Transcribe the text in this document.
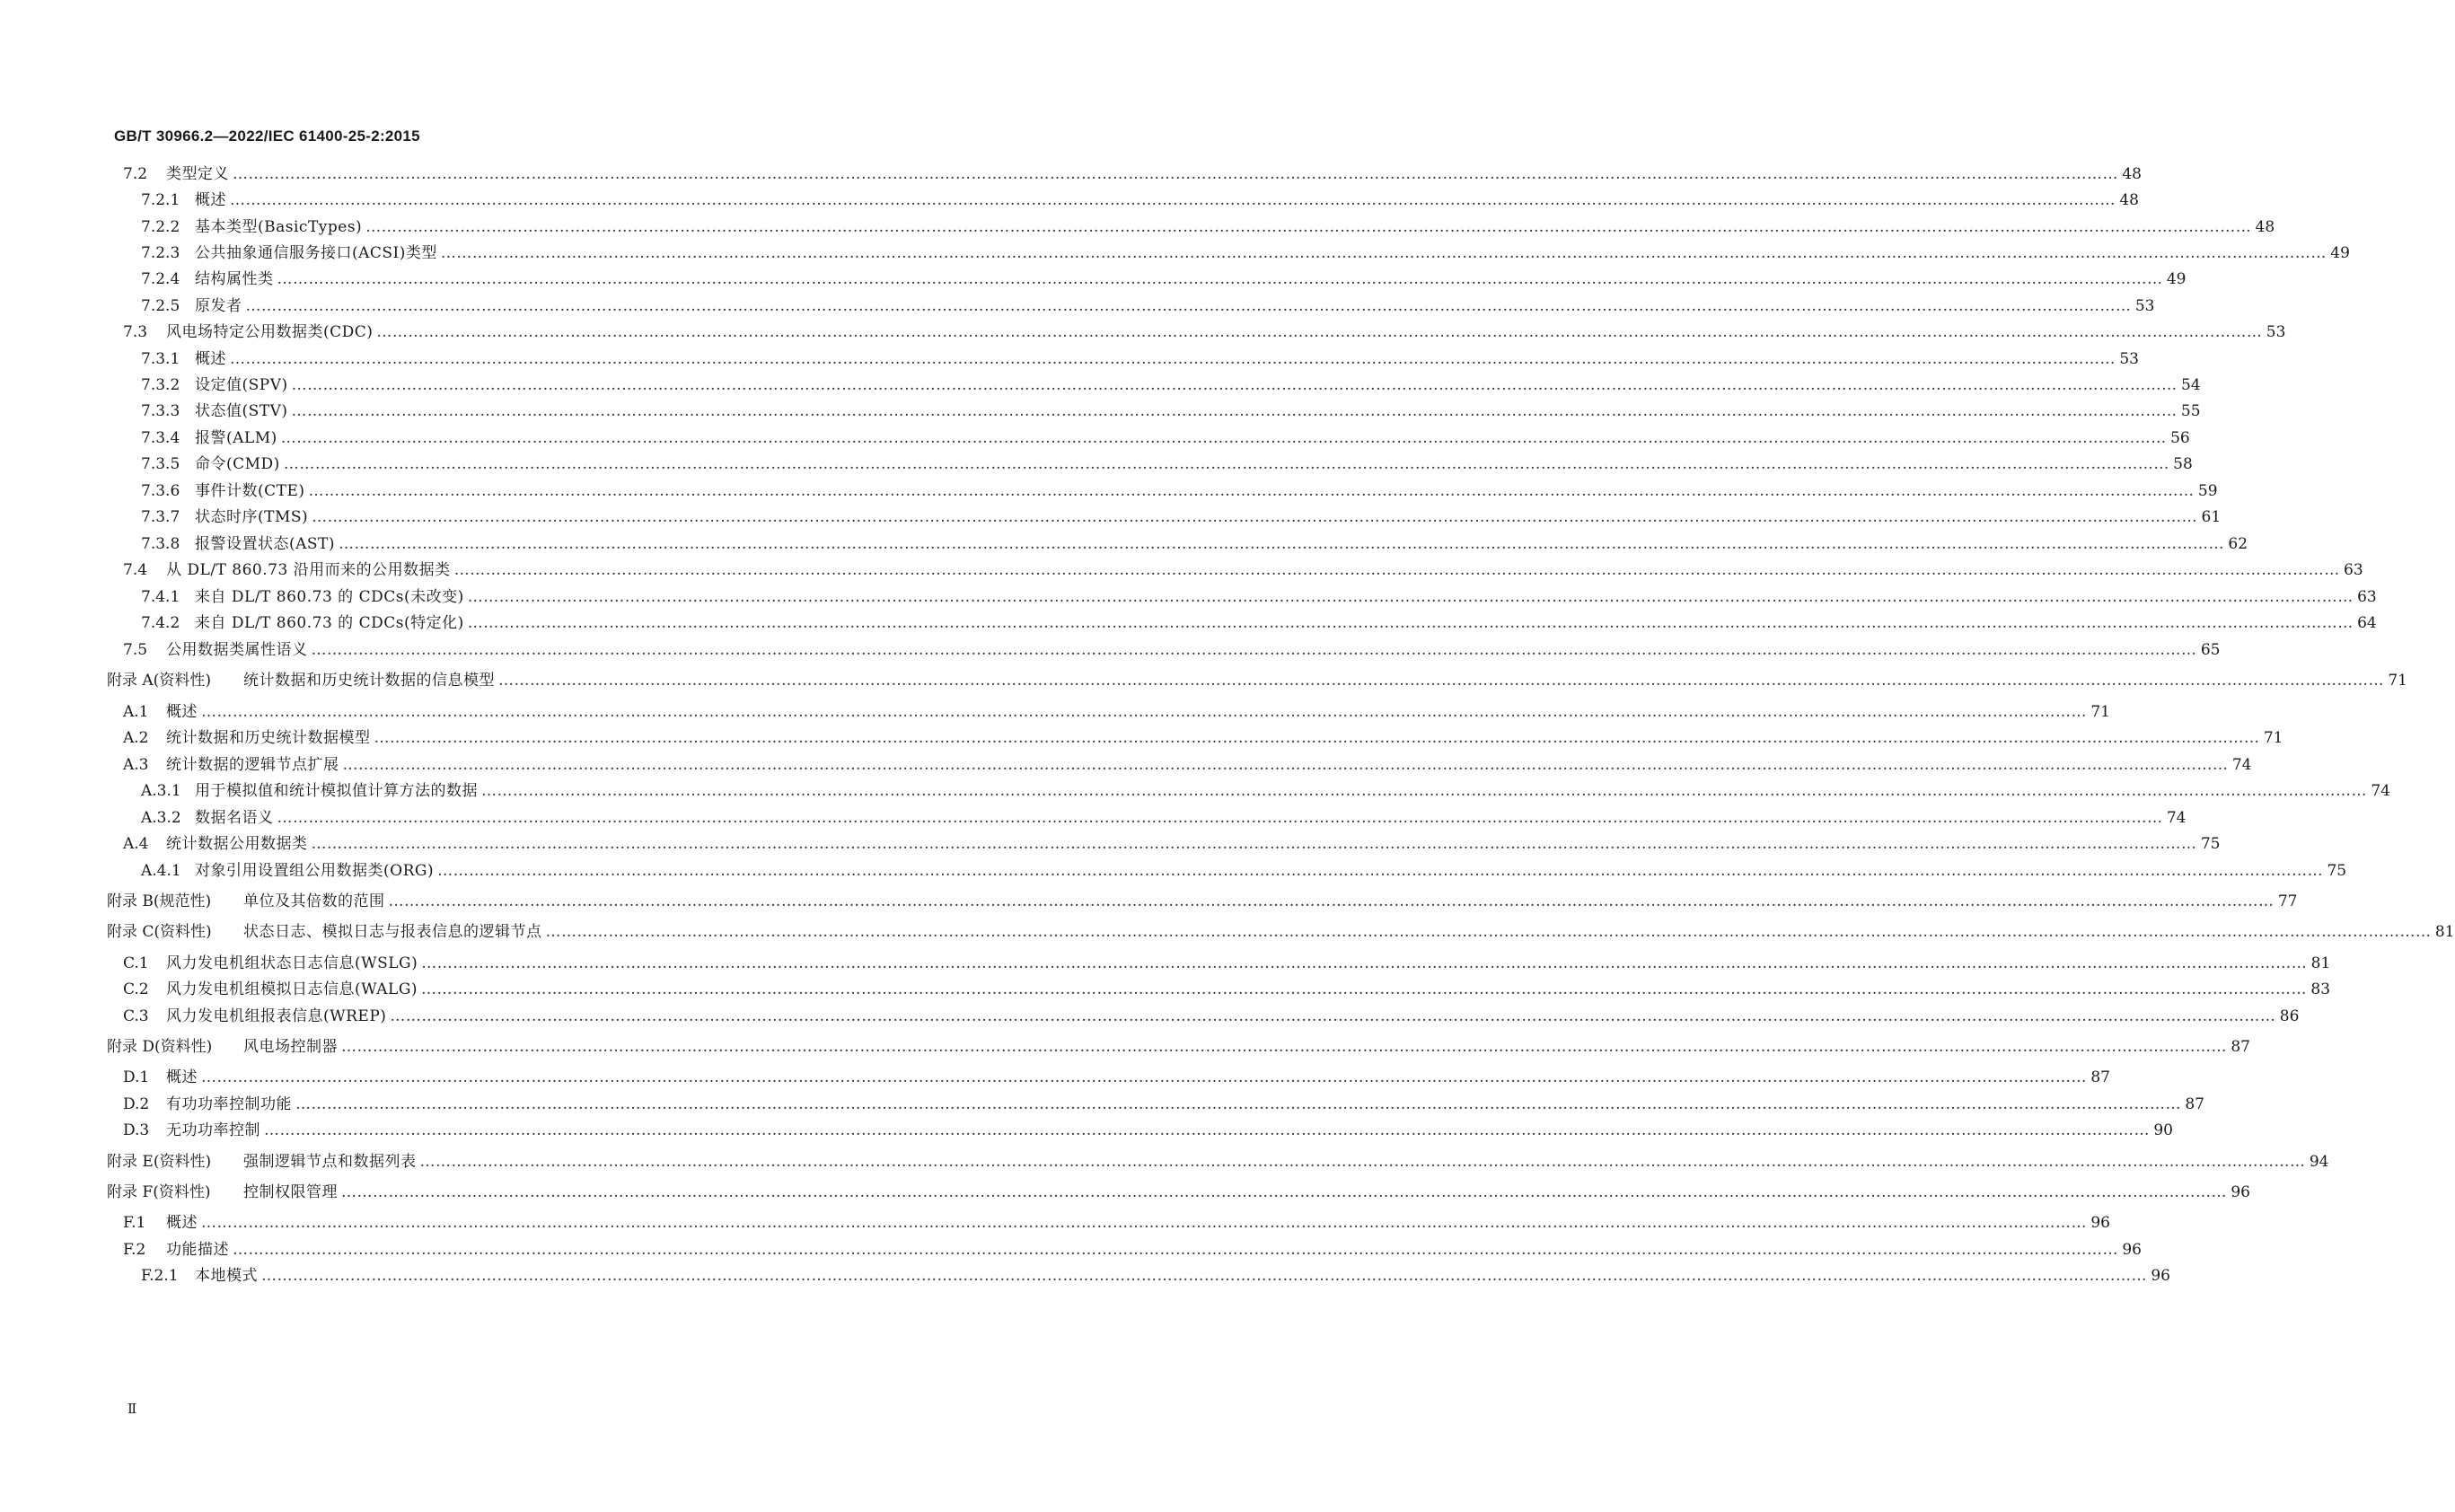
GB/T 30966.2—2022/IEC 61400-25-2:2015
7.2	类型定义 ……………………………………………………………………………………………………………………………………………………………………………………………………………………………………………………………………………………………………………………………… 48
7.2.1 概述 ……………………………………………………………………………………………………………………………………………………………………………………………………………………………………………………………………………………………………………………………… 48
7.2.2 基本类型(BasicTypes) ……………………………………………………………………………………………………………………………………………………………………………………………………………………………………………………………………………………………………………………………… 48
7.2.3 公共抽象通信服务接口(ACSI)类型 ……………………………………………………………………………………………………………………………………………………………………………………………………………………………………………………………………………………………………………………………… 49
7.2.4 结构属性类 ……………………………………………………………………………………………………………………………………………………………………………………………………………………………………………………………………………………………………………………………… 49
7.2.5 原发者 ……………………………………………………………………………………………………………………………………………………………………………………………………………………………………………………………………………………………………………………………… 53
7.3	风电场特定公用数据类(CDC) ……………………………………………………………………………………………………………………………………………………………………………………………………………………………………………………………………………………………………………………………… 53
7.3.1 概述 ……………………………………………………………………………………………………………………………………………………………………………………………………………………………………………………………………………………………………………………………… 53
7.3.2 设定值(SPV) ……………………………………………………………………………………………………………………………………………………………………………………………………………………………………………………………………………………………………………………………… 54
7.3.3 状态值(STV) ……………………………………………………………………………………………………………………………………………………………………………………………………………………………………………………………………………………………………………………………… 55
7.3.4 报警(ALM) ……………………………………………………………………………………………………………………………………………………………………………………………………………………………………………………………………………………………………………………………… 56
7.3.5 命令(CMD) ……………………………………………………………………………………………………………………………………………………………………………………………………………………………………………………………………………………………………………………………… 58
7.3.6 事件计数(CTE) ……………………………………………………………………………………………………………………………………………………………………………………………………………………………………………………………………………………………………………………………… 59
7.3.7 状态时序(TMS) ……………………………………………………………………………………………………………………………………………………………………………………………………………………………………………………………………………………………………………………………… 61
7.3.8 报警设置状态(AST) ……………………………………………………………………………………………………………………………………………………………………………………………………………………………………………………………………………………………………………………………… 62
7.4	从 DL/T 860.73 沿用而来的公用数据类 ……………………………………………………………………………………………………………………………………………………………………………………………………………………………………………………………………………………………………………………………… 63
7.4.1 来自 DL/T 860.73 的 CDCs(未改变) ……………………………………………………………………………………………………………………………………………………………………………………………………………………………………………………………………………………………………………………………… 63
7.4.2 来自 DL/T 860.73 的 CDCs(特定化) ……………………………………………………………………………………………………………………………………………………………………………………………………………………………………………………………………………………………………………………………… 64
7.5	公用数据类属性语义 ……………………………………………………………………………………………………………………………………………………………………………………………………………………………………………………………………………………………………………………………… 65
附录 A(资料性)	统计数据和历史统计数据的信息模型 ……………………………………………………………………………………………………………………………………………………………………………………………………………………………………………………………………………………………………………………………… 71
A.1	概述 ……………………………………………………………………………………………………………………………………………………………………………………………………………………………………………………………………………………………………………………………… 71
A.2	统计数据和历史统计数据模型 ……………………………………………………………………………………………………………………………………………………………………………………………………………………………………………………………………………………………………………………………… 71
A.3	统计数据的逻辑节点扩展 ……………………………………………………………………………………………………………………………………………………………………………………………………………………………………………………………………………………………………………………………… 74
A.3.1 用于模拟值和统计模拟值计算方法的数据 ……………………………………………………………………………………………………………………………………………………………………………………………………………………………………………………………………………………………………………………………… 74
A.3.2 数据名语义 ……………………………………………………………………………………………………………………………………………………………………………………………………………………………………………………………………………………………………………………………… 74
A.4	统计数据公用数据类 ……………………………………………………………………………………………………………………………………………………………………………………………………………………………………………………………………………………………………………………………… 75
A.4.1 对象引用设置组公用数据类(ORG) ……………………………………………………………………………………………………………………………………………………………………………………………………………………………………………………………………………………………………………………………… 75
附录 B(规范性)	单位及其倍数的范围 ……………………………………………………………………………………………………………………………………………………………………………………………………………………………………………………………………………………………………………………………… 77
附录 C(资料性)	状态日志、模拟日志与报表信息的逻辑节点 ……………………………………………………………………………………………………………………………………………………………………………………………………………………………………………………………………………………………………………………………… 81
C.1	风力发电机组状态日志信息(WSLG) ……………………………………………………………………………………………………………………………………………………………………………………………………………………………………………………………………………………………………………………………… 81
C.2	风力发电机组模拟日志信息(WALG) ……………………………………………………………………………………………………………………………………………………………………………………………………………………………………………………………………………………………………………………………… 83
C.3	风力发电机组报表信息(WREP) ……………………………………………………………………………………………………………………………………………………………………………………………………………………………………………………………………………………………………………………………… 86
附录 D(资料性)	风电场控制器 ……………………………………………………………………………………………………………………………………………………………………………………………………………………………………………………………………………………………………………………………… 87
D.1	概述 ……………………………………………………………………………………………………………………………………………………………………………………………………………………………………………………………………………………………………………………………… 87
D.2	有功功率控制功能 ……………………………………………………………………………………………………………………………………………………………………………………………………………………………………………………………………………………………………………………………… 87
D.3	无功功率控制 ……………………………………………………………………………………………………………………………………………………………………………………………………………………………………………………………………………………………………………………………… 90
附录 E(资料性)	强制逻辑节点和数据列表 ……………………………………………………………………………………………………………………………………………………………………………………………………………………………………………………………………………………………………………………………… 94
附录 F(资料性)	控制权限管理 ……………………………………………………………………………………………………………………………………………………………………………………………………………………………………………………………………………………………………………………………… 96
F.1	概述 ……………………………………………………………………………………………………………………………………………………………………………………………………………………………………………………………………………………………………………………………… 96
F.2	功能描述 ……………………………………………………………………………………………………………………………………………………………………………………………………………………………………………………………………………………………………………………………… 96
F.2.1	本地模式 ……………………………………………………………………………………………………………………………………………………………………………………………………………………………………………………………………………………………………………………………… 96
Ⅱ
